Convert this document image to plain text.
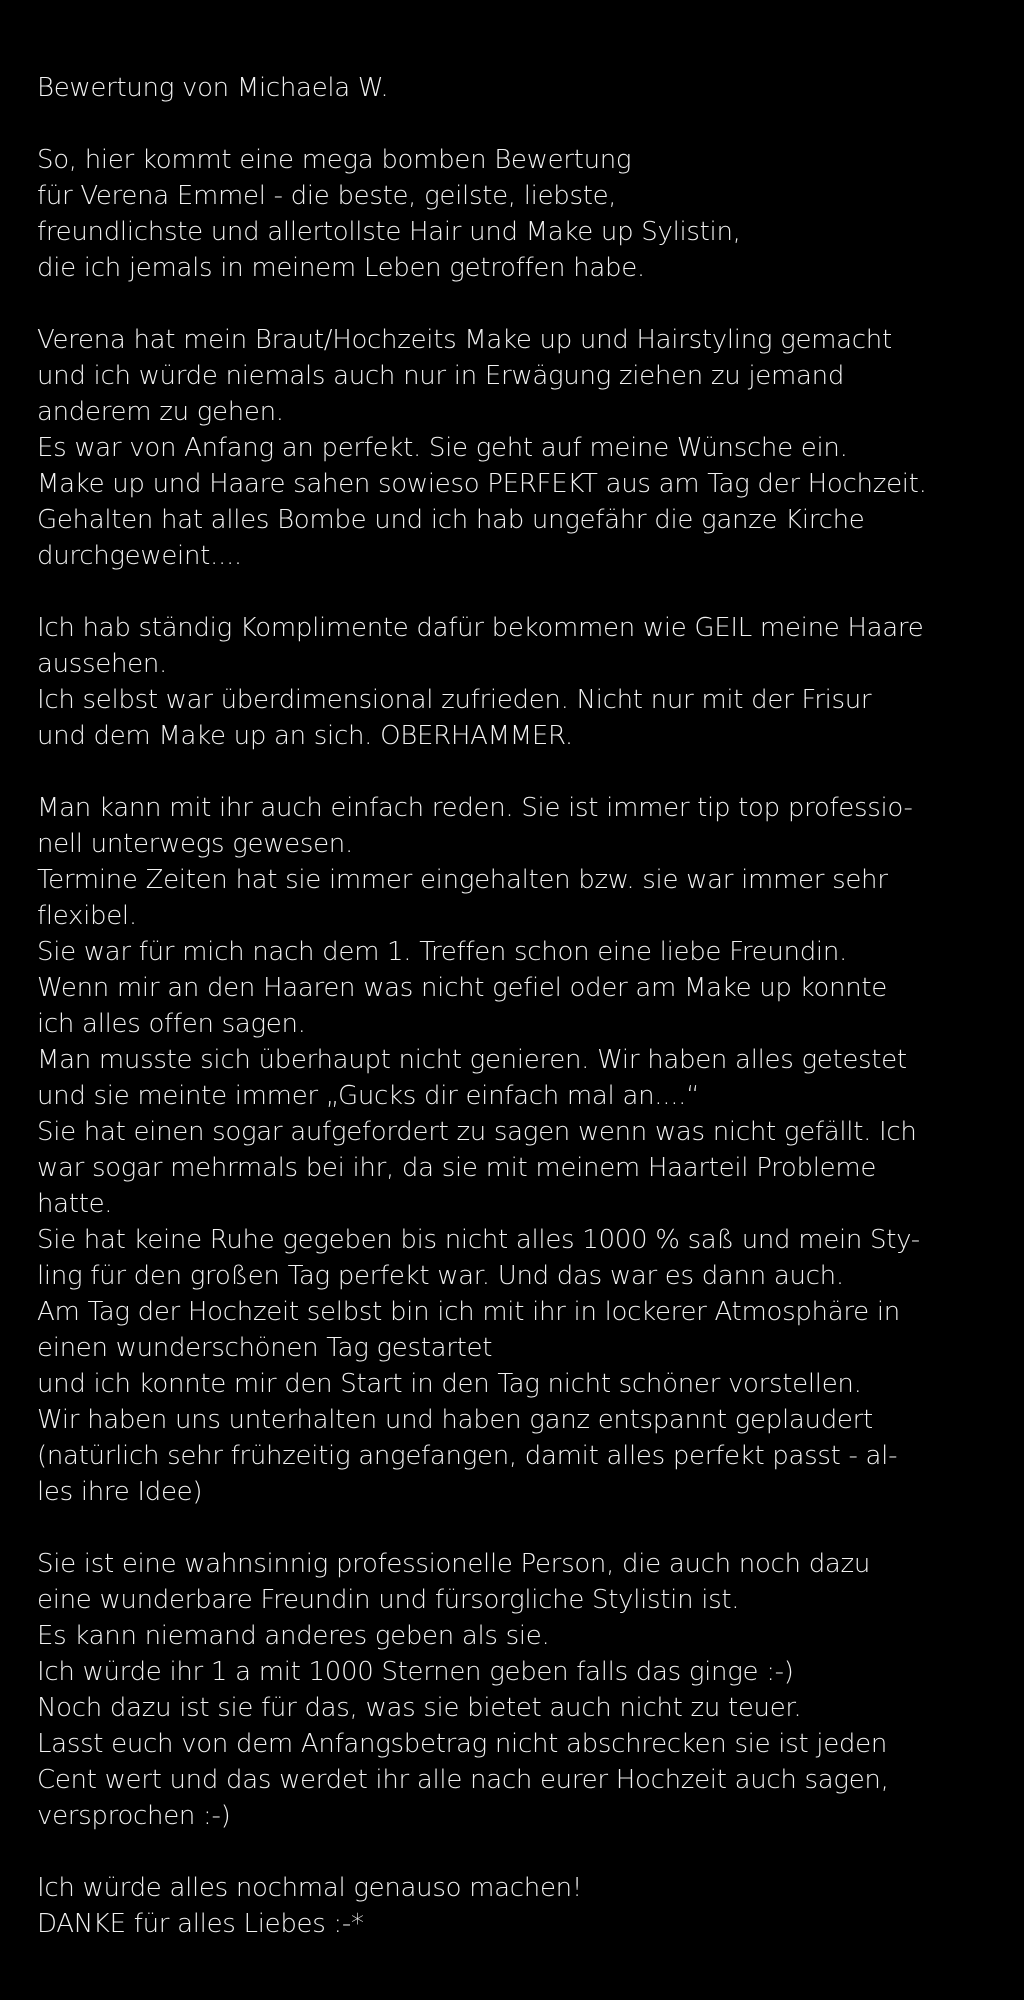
Bewertung von Michaela W.
So, hier kommt eine mega bomben Bewertung
für Verena Emmel - die beste, geilste, liebste,
freundlichste und allertollste Hair und Make up Sylistin,
die ich jemals in meinem Leben getroffen habe.
Verena hat mein Braut/Hochzeits Make up und Hairstyling gemacht
und ich würde niemals auch nur in Erwägung ziehen zu jemand
anderem zu gehen.
Es war von Anfang an perfekt. Sie geht auf meine Wünsche ein.
Make up und Haare sahen sowieso PERFEKT aus am Tag der Hochzeit.
Gehalten hat alles Bombe und ich hab ungefähr die ganze Kirche
durchgeweint....
Ich hab ständig Komplimente dafür bekommen wie GEIL meine Haare
aussehen.
Ich selbst war überdimensional zufrieden. Nicht nur mit der Frisur
und dem Make up an sich. OBERHAMMER.
Man kann mit ihr auch einfach reden. Sie ist immer tip top professio-
nell unterwegs gewesen.
Termine Zeiten hat sie immer eingehalten bzw. sie war immer sehr
flexibel.
Sie war für mich nach dem 1. Treffen schon eine liebe Freundin.
Wenn mir an den Haaren was nicht gefiel oder am Make up konnte
ich alles offen sagen.
Man musste sich überhaupt nicht genieren. Wir haben alles getestet
und sie meinte immer „Gucks dir einfach mal an....“
Sie hat einen sogar aufgefordert zu sagen wenn was nicht gefällt. Ich
war sogar mehrmals bei ihr, da sie mit meinem Haarteil Probleme
hatte.
Sie hat keine Ruhe gegeben bis nicht alles 1000 % saß und mein Sty-
ling für den großen Tag perfekt war. Und das war es dann auch.
Am Tag der Hochzeit selbst bin ich mit ihr in lockerer Atmosphäre in
einen wunderschönen Tag gestartet
und ich konnte mir den Start in den Tag nicht schöner vorstellen.
Wir haben uns unterhalten und haben ganz entspannt geplaudert
(natürlich sehr frühzeitig angefangen, damit alles perfekt passt - al-
les ihre Idee)
Sie ist eine wahnsinnig professionelle Person, die auch noch dazu
eine wunderbare Freundin und fürsorgliche Stylistin ist.
Es kann niemand anderes geben als sie.
Ich würde ihr 1 a mit 1000 Sternen geben falls das ginge :-)
Noch dazu ist sie für das, was sie bietet auch nicht zu teuer.
Lasst euch von dem Anfangsbetrag nicht abschrecken sie ist jeden
Cent wert und das werdet ihr alle nach eurer Hochzeit auch sagen,
versprochen :-)
Ich würde alles nochmal genauso machen!
DANKE für alles Liebes :-*
